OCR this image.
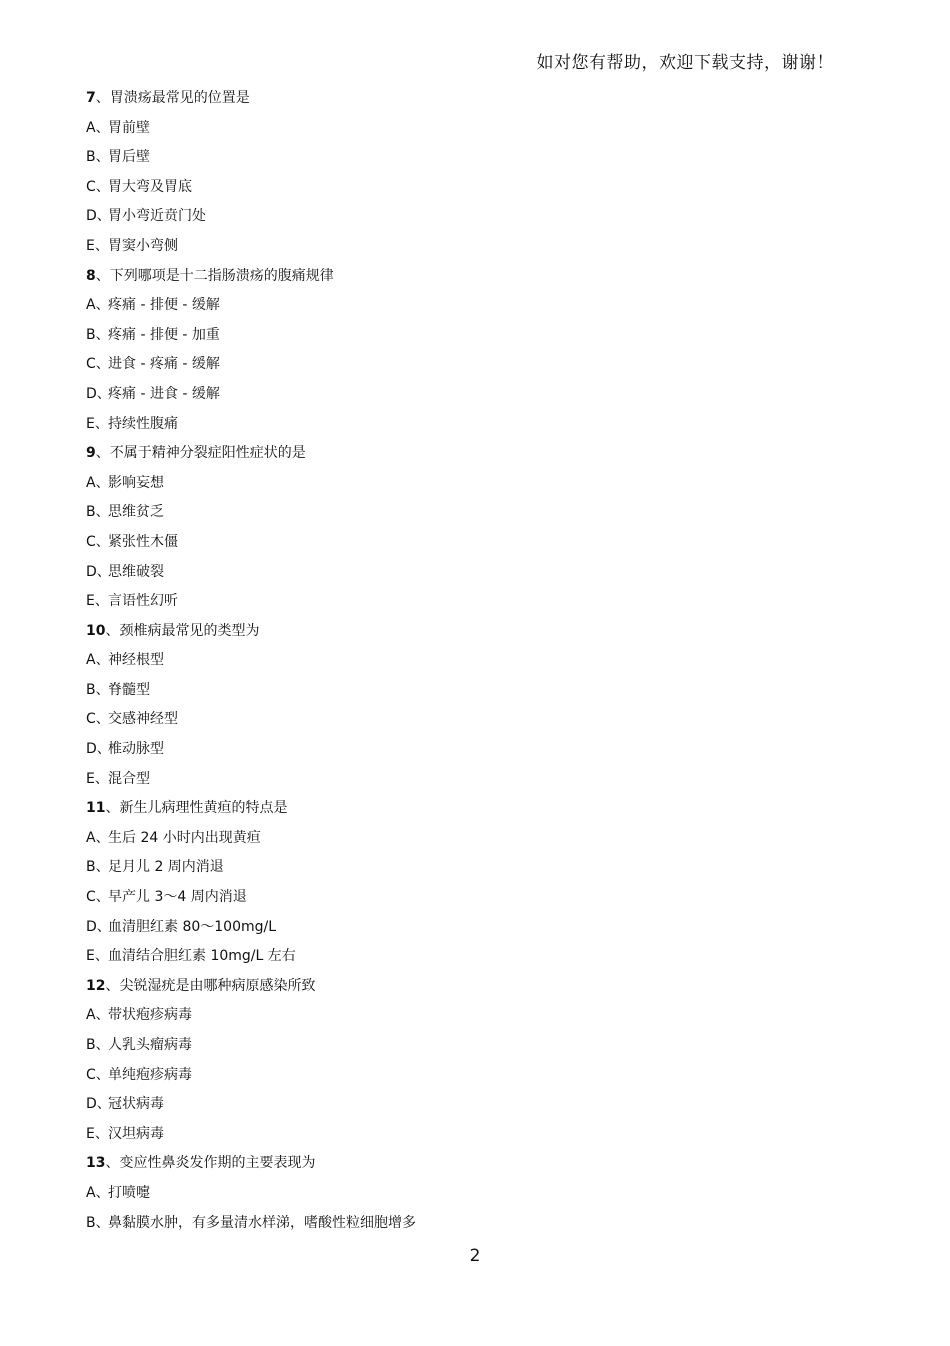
如对您有帮助，欢迎下载支持，谢谢！
7、胃溃疡最常见的位置是
A、胃前壁
B、胃后壁
C、胃大弯及胃底
D、胃小弯近贲门处
E、胃窦小弯侧
8、下列哪项是十二指肠溃疡的腹痛规律
A、疼痛 - 排便 - 缓解
B、疼痛 - 排便 - 加重
C、进食 - 疼痛 - 缓解
D、疼痛 - 进食 - 缓解
E、持续性腹痛
9、不属于精神分裂症阳性症状的是
A、影响妄想
B、思维贫乏
C、紧张性木僵
D、思维破裂
E、言语性幻听
10、颈椎病最常见的类型为
A、神经根型
B、脊髓型
C、交感神经型
D、椎动脉型
E、混合型
11、新生儿病理性黄疸的特点是
A、生后 24 小时内出现黄疸
B、足月儿 2 周内消退
C、早产儿 3～4 周内消退
D、血清胆红素 80～100mg/L
E、血清结合胆红素 10mg/L 左右
12、尖锐湿疣是由哪种病原感染所致
A、带状疱疹病毒
B、人乳头瘤病毒
C、单纯疱疹病毒
D、冠状病毒
E、汉坦病毒
13、变应性鼻炎发作期的主要表现为
A、打喷嚏
B、鼻黏膜水肿，有多量清水样涕，嗜酸性粒细胞增多
2
